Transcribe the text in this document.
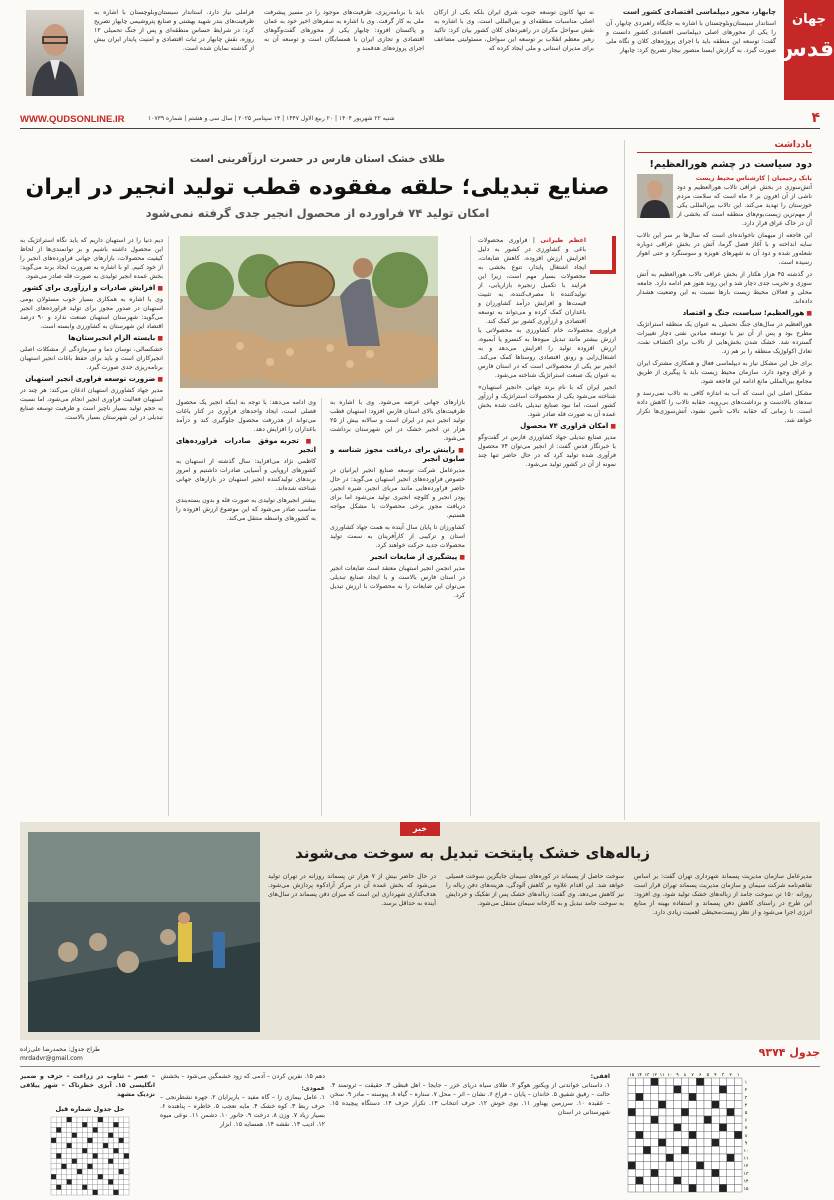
جهان
قدس
چابهار، محور دیپلماسی اقتصادی کشور است
استاندار سیستان‌وبلوچستان با اشاره به جایگاه راهبردی چابهار، آن را یکی از محورهای اصلی دیپلماسی اقتصادی کشور دانست و گفت: توسعه این منطقه باید با اجرای پروژه‌های کلان و نگاه ملی صورت گیرد. به گزارش ایسنا منصور بیجار تصریح کرد: چابهار
نه تنها کانون توسعه جنوب شرق ایران بلکه یکی از ارکان اصلی مناسبات منطقه‌ای و بین‌المللی است. وی با اشاره به نقش سواحل مکران در راهبردهای کلان کشور بیان کرد: تاکید رهبر معظم انقلاب بر توسعه این سواحل، مسئولیتی مضاعف برای مدیران استانی و ملی ایجاد کرده که
باید با برنامه‌ریزی، ظرفیت‌های موجود را در مسیر پیشرفت ملی به کار گرفت. وی با اشاره به سفرهای اخیر خود به عمان و پاکستان افزود: چابهار یکی از محورهای گفت‌وگوهای اقتصادی و تجاری ایران با همسایگان است و توسعه آن به اجرای پروژه‌های هدفمند و
فراملی نیاز دارد. استاندار سیستان‌وبلوچستان با اشاره به ظرفیت‌های بندر شهید بهشتی و صنایع پتروشیمی چابهار تصریح کرد: در شرایط حساس منطقه‌ای و پس از جنگ تحمیلی ۱۲ روزه، نقش چابهار در ثبات اقتصادی و امنیت پایدار ایران بیش از گذشته نمایان شده است.
۴
WWW.QUDSONLINE.IR	شنبه ۲۲ شهریور ۱۴۰۴ | ۲۰ ربیع الاول ۱۴۴۷ | ۱۳ سپتامبر ۲۰۲۵ | سال سی و هشتم | شماره ۱۰۷۳۹
یادداشت
دود سیاست در چشم هورالعظیم!
بابک رحیمیان | کارشناس محیط زیست

آتش‌سوزی در بخش عراقی تالاب هورالعظیم و دود ناشی از آن افزون بر ۶ ماه است که سلامت مردم خوزستان را تهدید می‌کند. این تالاب بین‌المللی یکی از مهم‌ترین زیست‌بوم‌های منطقه است که بخشی از آن در خاک عراق قرار دارد.

این فاجعه از میهمان ناخوانده‌ای است که سال‌ها بر سر این تالاب سایه انداخته و با آغاز فصل گرما، آتش در بخش عراقی دوباره شعله‌ور شده و دود آن به شهرهای هویزه و سوسنگرد و حتی اهواز رسیده است.

در گذشته ۴۵ هزار هکتار از بخش عراقی تالاب هورالعظیم به آتش سوزی و تخریب جدی دچار شد و این روند هنوز هم ادامه دارد. جامعه محلی و فعالان محیط زیست بارها نسبت به این وضعیت هشدار داده‌اند.

■ هورالعظیم؛ سیاست، جنگ و اقتصاد

هورالعظیم در سال‌های جنگ تحمیلی به عنوان یک منطقه استراتژیک مطرح بود و پس از آن نیز با توسعه میادین نفتی دچار تغییرات گسترده شد. خشک شدن بخش‌هایی از تالاب برای اکتشاف نفت، تعادل اکولوژیک منطقه را بر هم زد.

برای حل این مشکل نیاز به دیپلماسی فعال و همکاری مشترک ایران و عراق وجود دارد. سازمان محیط زیست باید با پیگیری از طریق مجامع بین‌المللی مانع ادامه این فاجعه شود.

مشکل اصلی این است که آب به اندازه کافی به تالاب نمی‌رسد و سدهای بالادست و برداشت‌های بی‌رویه، حقابه تالاب را کاهش داده است. تا زمانی که حقابه تالاب تأمین نشود، آتش‌سوزی‌ها تکرار خواهد شد.

طلای خشک استان فارس در حسرت ارزآفرینی است
صنایع تبدیلی؛ حلقه مفقوده قطب تولید انجیر در ایران
امکان تولید ۷۴ فراورده از محصول انجیر جدی گرفته نمی‌شود
اعظم طیرانی | فراوری محصولات باغی و کشاورزی در کشور به دلیل افزایش ارزش افزوده، کاهش ضایعات، ایجاد اشتغال پایدار، تنوع بخشی به محصولات بسیار مهم است، زیرا این فرایند با تکمیل زنجیره بازاریابی، از تولیدکننده تا مصرف‌کننده، به تثبیت قیمت‌ها و افزایش درآمد کشاورزان و باغداران کمک کرده و می‌تواند به توسعه اقتصادی و ارزآوری کشور نیز کمک کند.

فراوری محصولات خام کشاورزی به محصولاتی با ارزش بیشتر مانند تبدیل میوه‌ها به کنسرو یا آبمیوه، ارزش افزوده تولید را افزایش می‌دهد و به اشتغال‌زایی و رونق اقتصادی روستاها کمک می‌کند. انجیر نیز یکی از محصولاتی است که در استان فارس به عنوان یک صنعت استراتژیک شناخته می‌شود.

انجیر ایران که با نام برند جهانی «انجیر استهبان» شناخته می‌شود یکی از محصولات استراتژیک و ارزآور کشور است، اما نبود صنایع تبدیلی باعث شده بخش عمده آن به صورت فله صادر شود.

■ امکان فراوری ۷۴ محصول

مدیر صنایع تبدیلی جهاد کشاورزی فارس در گفت‌وگو با خبرنگار قدس گفت: از انجیر می‌توان ۷۴ محصول فرآوری شده تولید کرد که در حال حاضر تنها چند نمونه از آن در کشور تولید می‌شود.

بازارهای جهانی عرضه می‌شود. وی با اشاره به ظرفیت‌های بالای استان فارس افزود: استهبان قطب تولید انجیر دیم در ایران است و سالانه بیش از ۲۵ هزار تن انجیر خشک در این شهرستان برداشت می‌شود.

■ راینش برای دریافت مجوز شناسه و صابون انجیر

مدیرعامل شرکت توسعه صنایع انجیر ایرانیان در خصوص فراورده‌های انجیر استهبان می‌گوید: در حال حاضر فراورده‌هایی مانند مربای انجیر، شیره انجیر، پودر انجیر و کلوچه انجیری تولید می‌شود اما برای دریافت مجوز برخی محصولات با مشکل مواجه هستیم.

کشاورزان تا پایان سال آینده به همت جهاد کشاورزی استان و ترکیبی از کارآفرینان به سمت تولید محصولات جدید حرکت خواهند کرد.

■ پیشگیری از ضایعات انجیر

مدیر انجمن انجیر استهبان معتقد است ضایعات انجیر در استان فارس بالاست و با ایجاد صنایع تبدیلی می‌توان این ضایعات را به محصولات با ارزش تبدیل کرد.

وی ادامه می‌دهد: با توجه به اینکه انجیر یک محصول فصلی است، ایجاد واحدهای فرآوری در کنار باغات می‌تواند از هدررفت محصول جلوگیری کند و درآمد باغداران را افزایش دهد.

■ تجربه موفق صادرات فراورده‌های انجیر

کاظمی نژاد می‌افزاید: سال گذشته از استهبان به کشورهای اروپایی و آسیایی صادرات داشتیم و امروز برندهای تولیدکننده انجیر استهبان در بازارهای جهانی شناخته شده‌اند.

بیشتر انجیرهای تولیدی به صورت فله و بدون بسته‌بندی مناسب صادر می‌شود که این موضوع ارزش افزوده را به کشورهای واسطه منتقل می‌کند.

دیم دنیا را در استهبان داریم که باید نگاه استراتژیک به این محصول داشته باشیم و بر توانمندی‌ها از لحاظ کیفیت محصولات، بازارهای جهانی فراورده‌های انجیر را از خود کنیم. او با اشاره به ضرورت ایجاد برند می‌گوید: بخش عمده انجیر تولیدی به صورت فله صادر می‌شود.

■ افزایش صادرات و ارزآوری برای کشور

وی با اشاره به همکاری بسیار خوب مسئولان بومی استهبان در صدور مجوز برای تولید فراورده‌های انجیر می‌گوید: شهرستان استهبان صنعت ندارد و ۹۰ درصد اقتصاد این شهرستان به کشاورزی وابسته است.

■ بایسته الزام انجیرستان‌ها

خشکسالی، نوسان دما و سرمازدگی از مشکلات اصلی انجیرکاران است و باید برای حفظ باغات انجیر استهبان برنامه‌ریزی جدی صورت گیرد.

■ ضرورت توسعه فراوری انجیر استهبان

مدیر جهاد کشاورزی استهبان اذعان می‌کند: هر چند در استهبان فعالیت فراوری انجیر انجام می‌شود، اما نسبت به حجم تولید بسیار ناچیز است و ظرفیت توسعه صنایع تبدیلی در این شهرستان بسیار بالاست.

خبر
زباله‌های خشک پایتخت تبدیل به سوخت می‌شوند
مدیرعامل سازمان مدیریت پسماند شهرداری تهران گفت: بر اساس تفاهم‌نامه شرکت سیمان و سازمان مدیریت پسماند تهران قرار است روزانه ۱۵۰ تن سوخت جامد از زباله‌های خشک تولید شود. وی افزود: این طرح در راستای کاهش دفن پسماند و استفاده بهینه از منابع انرژی اجرا می‌شود و از نظر زیست‌محیطی اهمیت زیادی دارد.
سوخت حاصل از پسماند در کوره‌های سیمان جایگزین سوخت فسیلی خواهد شد. این اقدام علاوه بر کاهش آلودگی، هزینه‌های دفن زباله را نیز کاهش می‌دهد. وی گفت: زباله‌های خشک پس از تفکیک و خردایش به سوخت جامد تبدیل و به کارخانه سیمان منتقل می‌شود.
در حال حاضر بیش از ۷ هزار تن پسماند روزانه در تهران تولید می‌شود که بخش عمده آن در مرکز آرادکوه پردازش می‌شود. هدف‌گذاری شهرداری این است که میزان دفن پسماند در سال‌های آینده به حداقل برسد.
جدول ۹۳۷۴
طراح جدول: محمدرضا علی‌زاده
mrdadvr@gmail.com
۱
۱
۲
۲
۳
۳
۴
۴
۵
۵
۶
۶
۷
۷
۸
۸
۹
۹
۱۰
۱۰
۱۱
۱۱
۱۲
۱۲
۱۳
۱۳
۱۴
۱۴
۱۵
۱۵
افقی:
۱. داستانی خواندنی از ویکتور هوگو ۲. طلای سیاه دریای خزر – جایجا – اهل قبطی ۳. حقیقت – ثروتمند ۴. حالت – رفیق شفیق ۵. خاندان – پایان – فراخ ۶. نشان – اثر – محل ۷. ستاره – گیاه ۸. پیوسته – مادر ۹. سخن – عقیده ۱۰. سرزمین پهناور ۱۱. بوی خوش ۱۲. حرف انتخاب ۱۳. تکرار حرف ۱۴. دستگاه پیچیده ۱۵. شهرستانی در استان
دهم ۱۵. نفرین کردن – آدمی که زود خشمگین می‌شود – بخشش
عمودی:
۱. عامل بیماری زا – گاه مفید – باریرایان ۲. جهره نشطرنجی – حرف ربط ۳. کوه خشک ۴. مایه تعجب ۵. خاطره – پناهنده ۶. بسیار زیاد ۷. وزن ۸. درخت ۹. جانور ۱۰. دشمن ۱۱. نوعی میوه ۱۲. ادیب ۱۳. نقشه ۱۴. همسایه ۱۵. ابزار
– عصر – تناوب در زراعت – حرف و ضمیر انگلیسی ۱۵. آبزی خطرناک – شهر ییلاقی نزدیک مشهد
حل جدول شماره قبل
